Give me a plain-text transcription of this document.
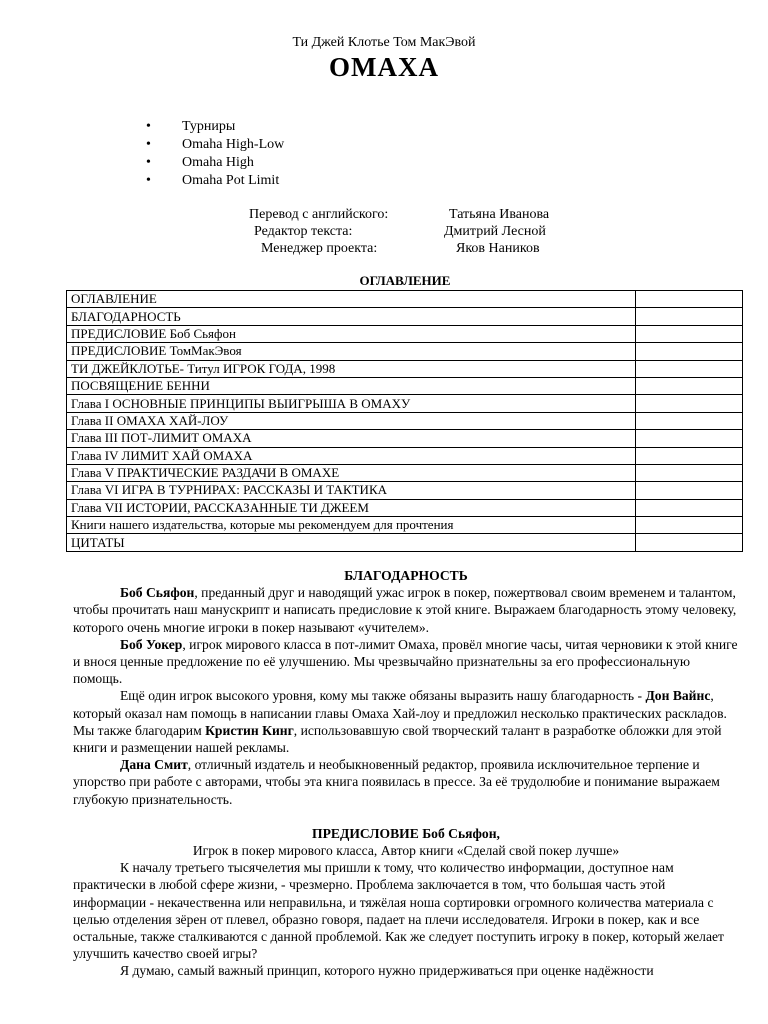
Ти Джей Клотье Том МакЭвой
ОМАХА
• Турниры
• Omaha High-Low
• Omaha High
• Omaha Pot Limit
Перевод с английского:	Татьяна Иванова
Редактор текста:	Дмитрий Лесной
Менеджер проекта:	Яков Наников
ОГЛАВЛЕНИЕ
ОГЛАВЛЕНИЕ	
БЛАГОДАРНОСТЬ	
ПРЕДИСЛОВИЕ Боб Сьяфон	
ПРЕДИСЛОВИЕ ТомМакЭвоя	
ТИ ДЖЕЙКЛОТЬЕ- Титул ИГРОК ГОДА, 1998	
ПОСВЯЩЕНИЕ БЕННИ	
Глава I ОСНОВНЫЕ ПРИНЦИПЫ ВЫИГРЫША В ОМАХУ	
Глава II ОМАХА ХАЙ-ЛОУ	
Глава III ПОТ-ЛИМИТ ОМАХА	
Глава IV ЛИМИТ ХАЙ ОМАХА	
Глава V ПРАКТИЧЕСКИЕ РАЗДАЧИ В ОМАХЕ	
Глава VI ИГРА В ТУРНИРАХ: РАССКАЗЫ И ТАКТИКА	
Глава VII ИСТОРИИ, РАССКАЗАННЫЕ ТИ ДЖЕЕМ	
Книги нашего издательства, которые мы рекомендуем для прочтения	
ЦИТАТЫ	
БЛАГОДАРНОСТЬ

Боб Сьяфон, преданный друг и наводящий ужас игрок в покер, пожертвовал своим временем и талантом, чтобы прочитать наш манускрипт и написать предисловие к этой книге. Выражаем благодарность этому человеку, которого очень многие игроки в покер называют «учителем».

Боб Уокер, игрок мирового класса в пот-лимит Омаха, провёл многие часы, читая черновики к этой книге и внося ценные предложение по её улучшению. Мы чрезвычайно признательны за его профессиональную помощь.

Ещё один игрок высокого уровня, кому мы также обязаны выразить нашу благодарность - Дон Вайнс, который оказал нам помощь в написании главы Омаха Хай-лоу и предложил несколько практических раскладов. Мы также благодарим Кристин Кинг, использовавшую свой творческий талант в разработке обложки для этой книги и размещении нашей рекламы.

Дана Смит, отличный издатель и необыкновенный редактор, проявила исключительное терпение и упорство при работе с авторами, чтобы эта книга появилась в прессе. За её трудолюбие и понимание выражаем глубокую признательность.

ПРЕДИСЛОВИЕ Боб Сьяфон,
Игрок в покер мирового класса, Автор книги «Сделай свой покер лучше»

К началу третьего тысячелетия мы пришли к тому, что количество информации, доступное нам практически в любой сфере жизни, - чрезмерно. Проблема заключается в том, что большая часть этой информации - некачественна или неправильна, и тяжёлая ноша сортировки огромного количества материала с целью отделения зёрен от плевел, образно говоря, падает на плечи исследователя. Игроки в покер, как и все остальные, также сталкиваются с данной проблемой. Как же следует поступить игроку в покер, который желает улучшить качество своей игры?

Я думаю, самый важный принцип, которого нужно придерживаться при оценке надёжности
